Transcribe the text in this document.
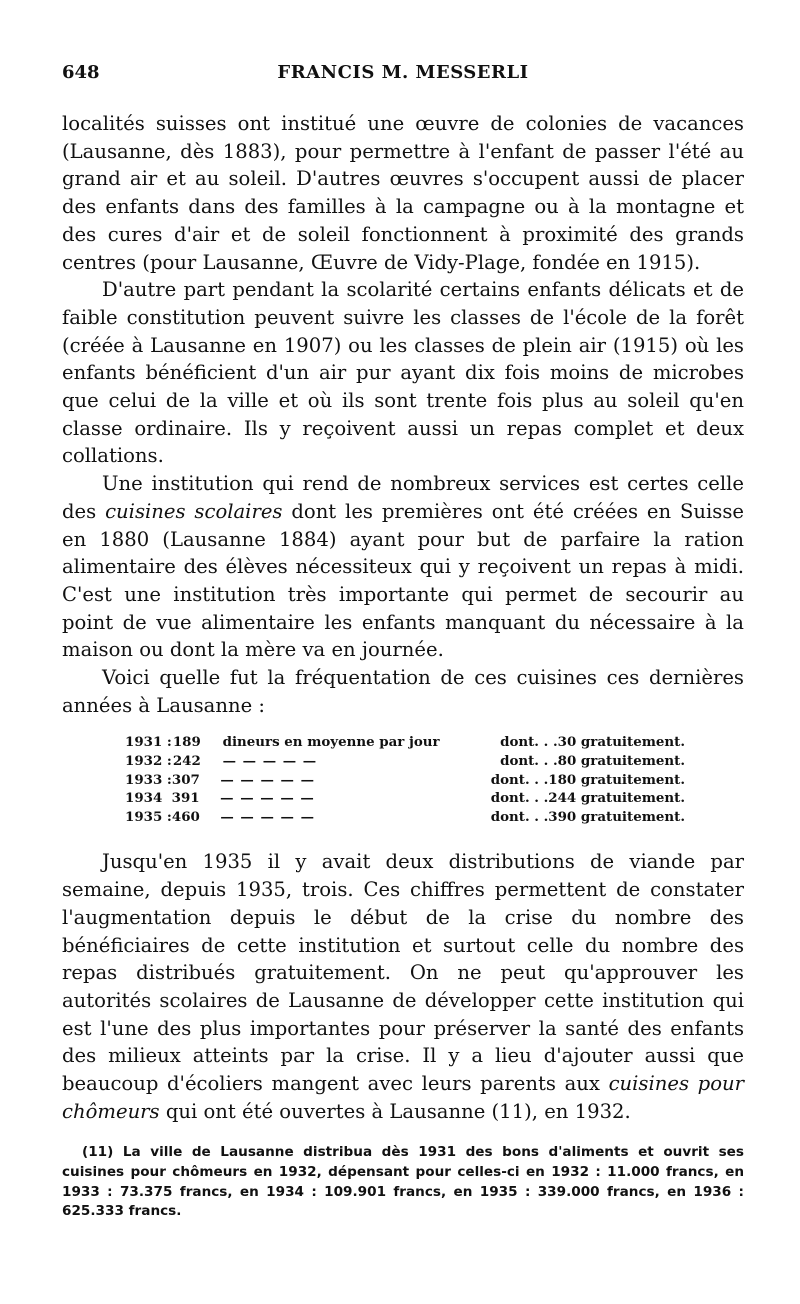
648	FRANCIS M. MESSERLI

localités suisses ont institué une œuvre de colonies de vacances (Lausanne, dès 1883), pour permettre à l'enfant de passer l'été au grand air et au soleil. D'autres œuvres s'occupent aussi de placer des enfants dans des familles à la campagne ou à la montagne et des cures d'air et de soleil fonctionnent à proximité des grands centres (pour Lausanne, Œuvre de Vidy-Plage, fondée en 1915).

D'autre part pendant la scolarité certains enfants délicats et de faible constitution peuvent suivre les classes de l'école de la forêt (créée à Lausanne en 1907) ou les classes de plein air (1915) où les enfants bénéficient d'un air pur ayant dix fois moins de microbes que celui de la ville et où ils sont trente fois plus au soleil qu'en classe ordinaire. Ils y reçoivent aussi un repas complet et deux collations.

Une institution qui rend de nombreux services est certes celle des cuisines scolaires dont les premières ont été créées en Suisse en 1880 (Lausanne 1884) ayant pour but de parfaire la ration alimentaire des élèves nécessiteux qui y reçoivent un repas à midi. C'est une institution très importante qui permet de secourir au point de vue alimentaire les enfants manquant du nécessaire à la maison ou dont la mère va en journée.

Voici quelle fut la fréquentation de ces cuisines ces dernières années à Lausanne :

1931 : 189	dineurs en moyenne par jour	dont. . . 30 gratuitement.
1932 : 242	— — — — —	dont. . . 80 gratuitement.
1933 : 307	— — — — —	dont. . . 180 gratuitement.
1934 391	— — — — —	dont. . . 244 gratuitement.
1935 : 460	— — — — —	dont. . . 390 gratuitement.

Jusqu'en 1935 il y avait deux distributions de viande par semaine, depuis 1935, trois. Ces chiffres permettent de constater l'augmentation depuis le début de la crise du nombre des bénéficiaires de cette institution et surtout celle du nombre des repas distribués gratuitement. On ne peut qu'approuver les autorités scolaires de Lausanne de développer cette institution qui est l'une des plus importantes pour préserver la santé des enfants des milieux atteints par la crise. Il y a lieu d'ajouter aussi que beaucoup d'écoliers mangent avec leurs parents aux cuisines pour chômeurs qui ont été ouvertes à Lausanne (11), en 1932.

(11) La ville de Lausanne distribua dès 1931 des bons d'aliments et ouvrit ses cuisines pour chômeurs en 1932, dépensant pour celles-ci en 1932 : 11.000 francs, en 1933 : 73.375 francs, en 1934 : 109.901 francs, en 1935 : 339.000 francs, en 1936 : 625.333 francs.
